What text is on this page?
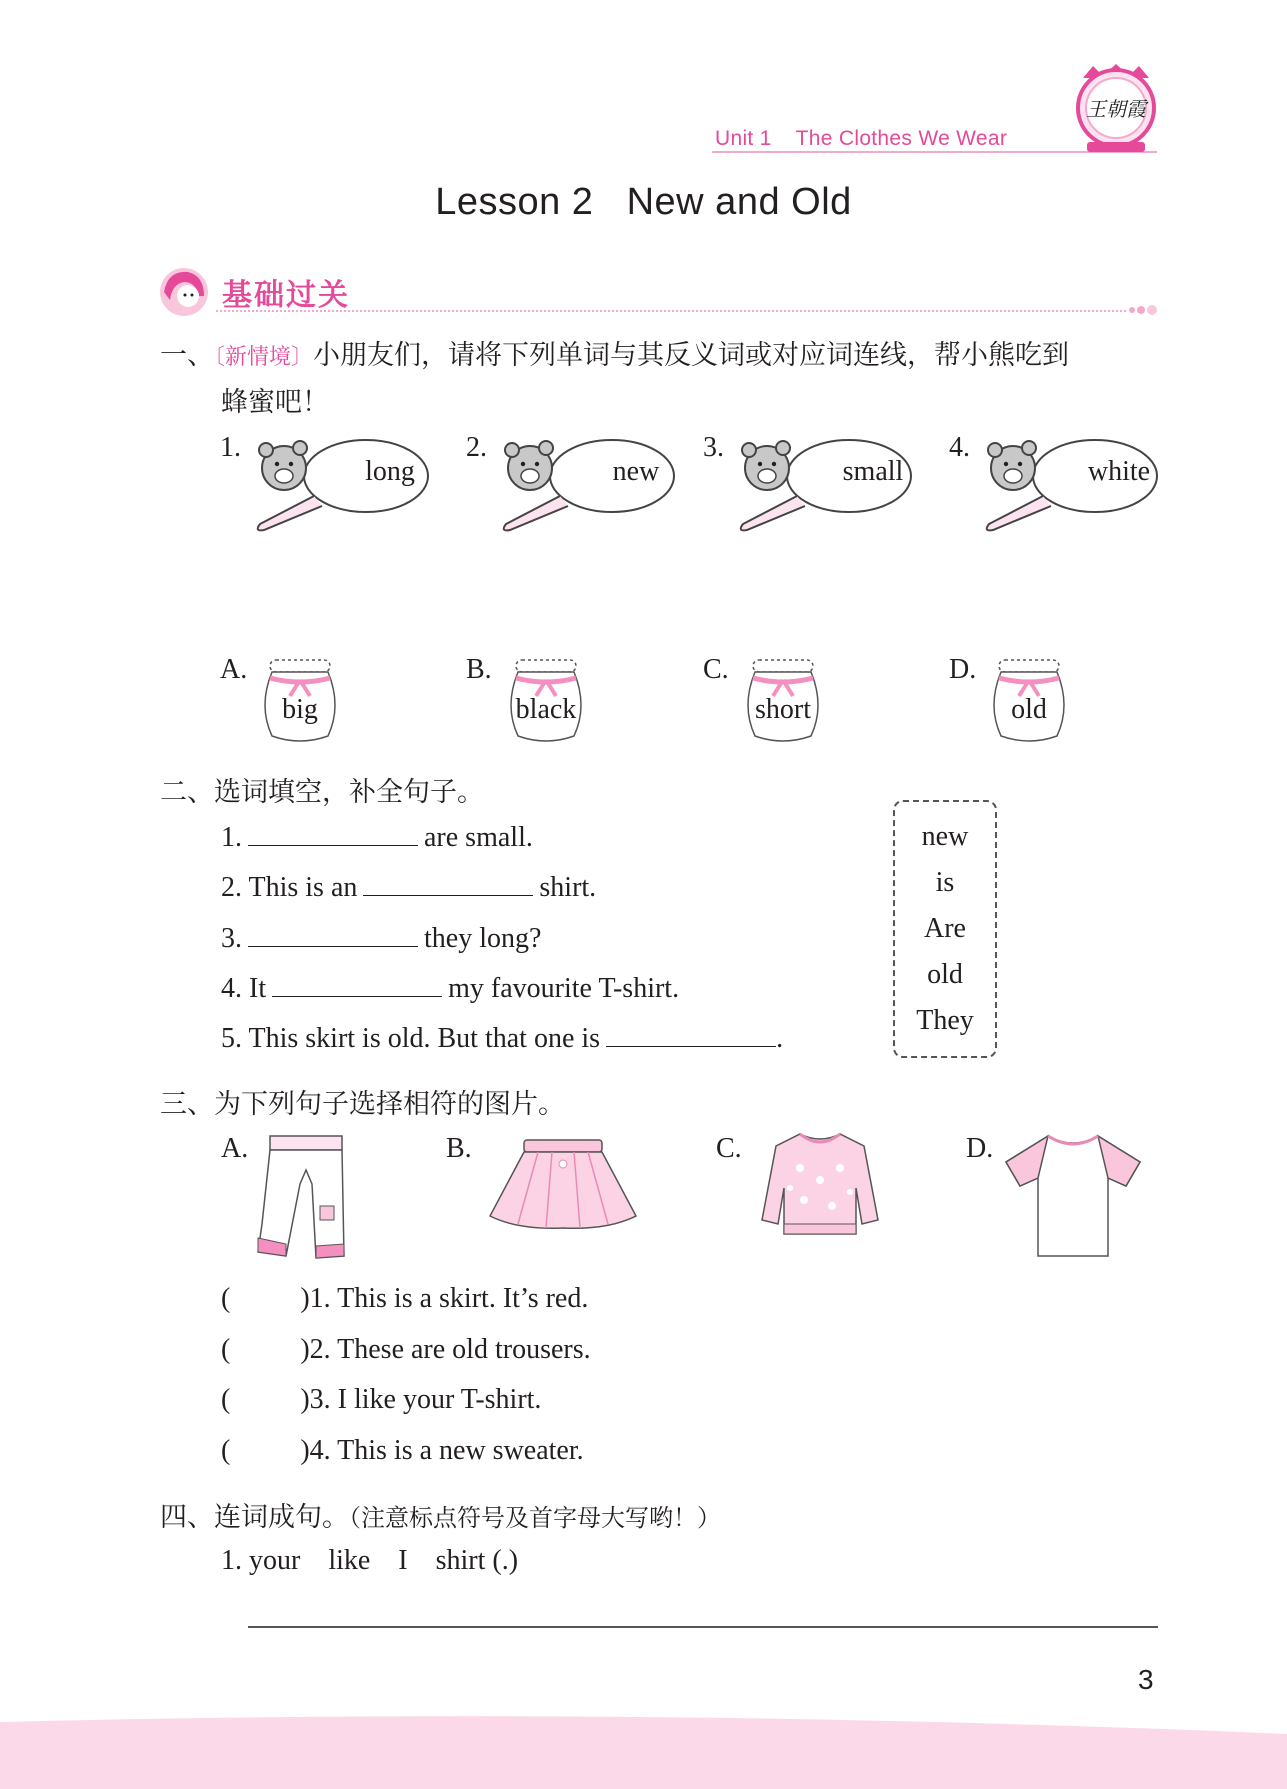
Unit 1 The Clothes We Wear
王朝霞
Lesson 2   New and Old
基础过关
一、〔新情境〕小朋友们，请将下列单词与其反义词或对应词连线，帮小熊吃到
蜂蜜吧！
1.
long
2.
new
3.
small
4.
white
A.
big
B.
black
C.
short
D.
old
二、选词填空，补全句子。
1.	are small.
2. This is an	shirt.
3.	they long?
4. It	my favourite T-shirt.
5. This skirt is old. But that one is	.
new
is
Are
old
They
三、为下列句子选择相符的图片。
A.	B.	C.	D.
(	)1. This is a skirt. It’s red.
(	)2. These are old trousers.
(	)3. I like your T-shirt.
(	)4. This is a new sweater.
四、连词成句。（注意标点符号及首字母大写哟！）
1. your    like    I    shirt (.)
3
